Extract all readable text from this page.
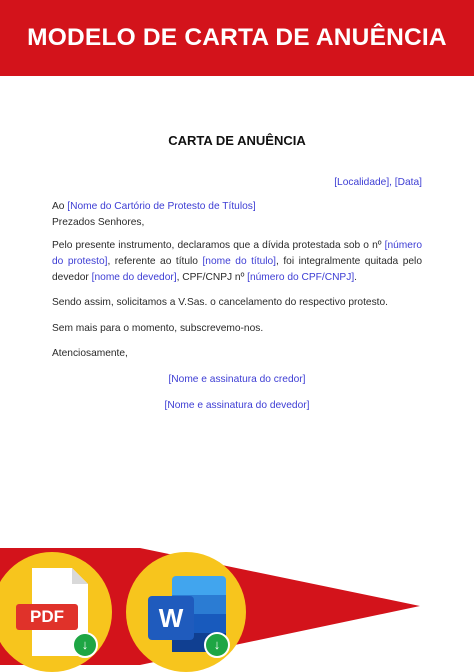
MODELO DE CARTA DE ANUÊNCIA
CARTA DE ANUÊNCIA
[Localidade], [Data]
Ao [Nome do Cartório de Protesto de Títulos]
Prezados Senhores,
Pelo presente instrumento, declaramos que a dívida protestada sob o nº [número do protesto], referente ao título [nome do título], foi integralmente quitada pelo devedor [nome do devedor], CPF/CNPJ nº [número do CPF/CNPJ].
Sendo assim, solicitamos a V.Sas. o cancelamento do respectivo protesto.
Sem mais para o momento, subscrevemo-nos.
Atenciosamente,
[Nome e assinatura do credor]
[Nome e assinatura do devedor]
PDF
↓
W
↓
